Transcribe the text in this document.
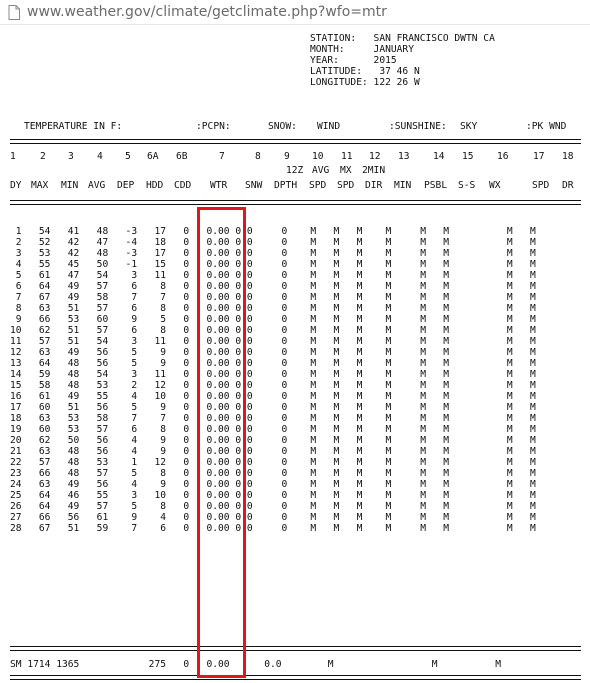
www.weather.gov/climate/getclimate.php?wfo=mtr
STATION: SAN FRANCISCO DWTN CA
MONTH:	JANUARY
YEAR:	2015
LATITUDE: 37 46 N
LONGITUDE: 122 26 W
TEMPERATURE IN F:	:PCPN:	SNOW: WIND	:SUNSHINE: SKY	:PK WND
1	2 3 4 5 6A 6B	7	8 9 10 11 12 13 14 15 16	17 18
12Z AVG MX 2MIN
DY MAX MIN AVG DEP HDD CDD WTR SNW DPTH SPD SPD DIR MIN PSBL S-S WX	SPD DR
1   54   41   48   -3   17   0   0.00 0.0     0    M   M   M    M     M   M	M   M
2   52   42   47   -4   18   0   0.00 0.0     0    M   M   M    M     M   M	M   M
3   53   42   48   -3   17   0   0.00 0.0     0    M   M   M    M     M   M	M   M
4   55   45   50   -1   15   0   0.00 0.0     0    M   M   M    M     M   M	M   M
5   61   47   54    3   11   0   0.00 0.0     0    M   M   M    M     M   M	M   M
6   64   49   57    6    8   0   0.00 0.0     0    M   M   M    M     M   M	M   M
7   67   49   58    7    7   0   0.00 0.0     0    M   M   M    M     M   M	M   M
8   63   51   57    6    8   0   0.00 0.0     0    M   M   M    M     M   M	M   M
9   66   53   60    9    5   0   0.00 0.0     0    M   M   M    M     M   M	M   M
10   62   51   57    6    8   0   0.00 0.0     0    M   M   M    M     M   M	M   M
11   57   51   54    3   11   0   0.00 0.0     0    M   M   M    M     M   M	M   M
12   63   49   56    5    9   0   0.00 0.0     0    M   M   M    M     M   M	M   M
13   64   48   56    5    9   0   0.00 0.0     0    M   M   M    M     M   M	M   M
14   59   48   54    3   11   0   0.00 0.0     0    M   M   M    M     M   M	M   M
15   58   48   53    2   12   0   0.00 0.0     0    M   M   M    M     M   M	M   M
16   61   49   55    4   10   0   0.00 0.0     0    M   M   M    M     M   M	M   M
17   60   51   56    5    9   0   0.00 0.0     0    M   M   M    M     M   M	M   M
18   63   53   58    7    7   0   0.00 0.0     0    M   M   M    M     M   M	M   M
19   60   53   57    6    8   0   0.00 0.0     0    M   M   M    M     M   M	M   M
20   62   50   56    4    9   0   0.00 0.0     0    M   M   M    M     M   M	M   M
21   63   48   56    4    9   0   0.00 0.0     0    M   M   M    M     M   M	M   M
22   57   48   53    1   12   0   0.00 0.0     0    M   M   M    M     M   M	M   M
23   66   48   57    5    8   0   0.00 0.0     0    M   M   M    M     M   M	M   M
24   63   49   56    4    9   0   0.00 0.0     0    M   M   M    M     M   M	M   M
25   64   46   55    3   10   0   0.00 0.0     0    M   M   M    M     M   M	M   M
26   64   49   57    5    8   0   0.00 0.0     0    M   M   M    M     M   M	M   M
27   66   56   61    9    4   0   0.00 0.0     0    M   M   M    M     M   M	M   M
28   67   51   59    7    6   0   0.00 0.0     0    M   M   M    M     M   M	M   M
SM 1714 1365	275   0   0.00      0.0        M	M	M
